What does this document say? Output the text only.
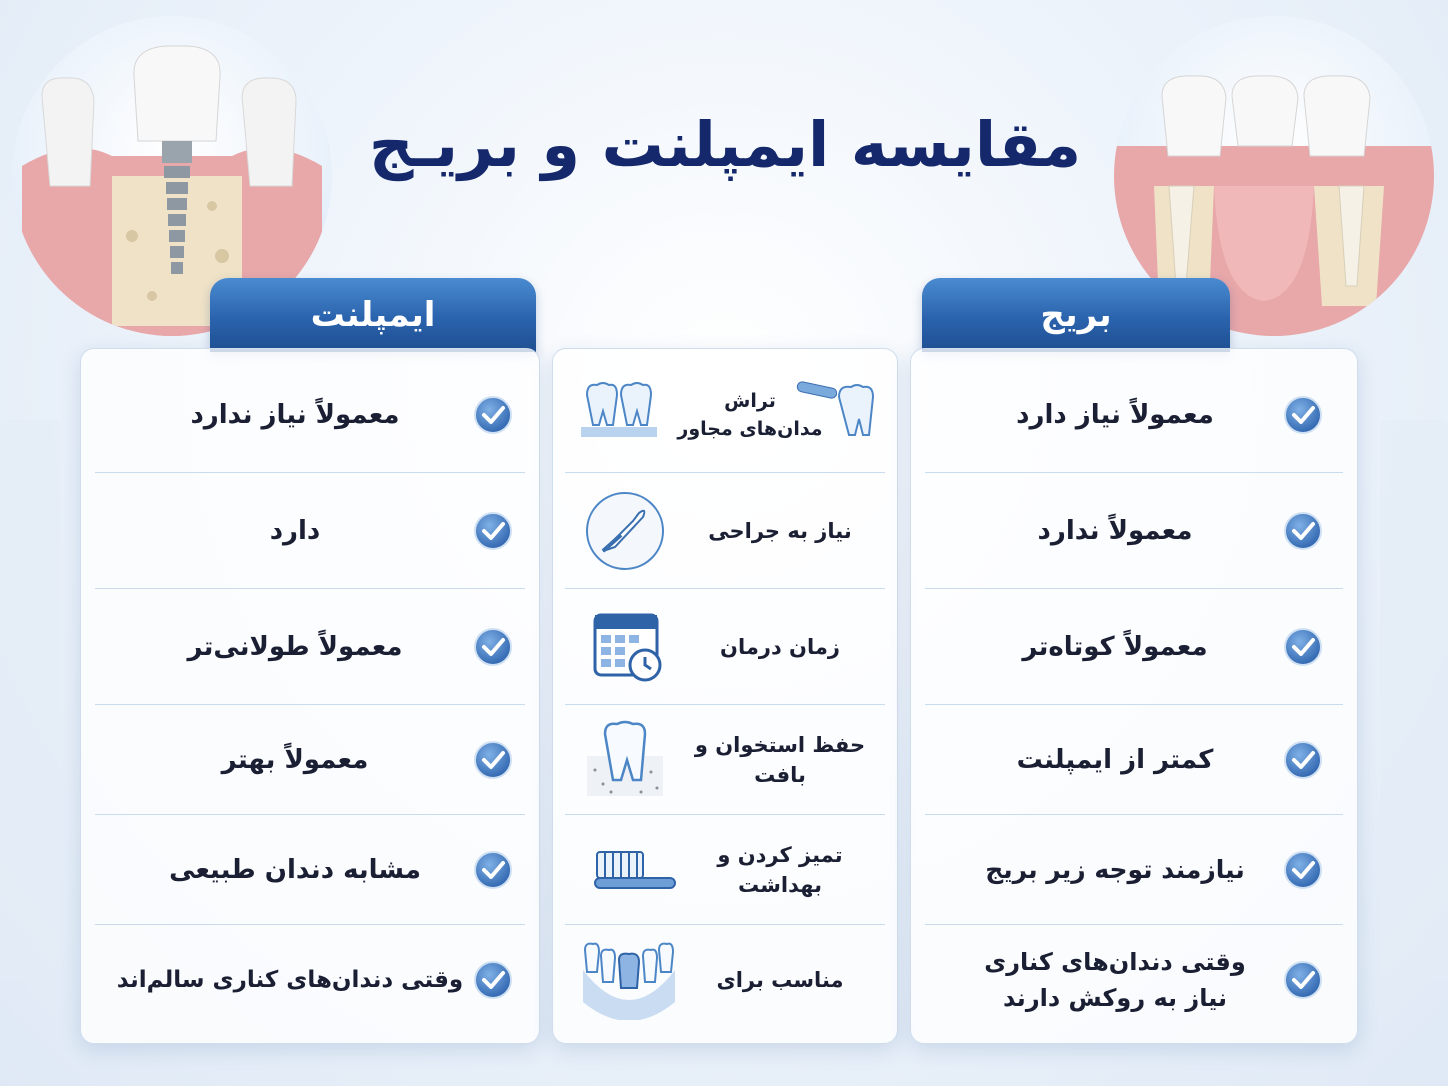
مقایسه ایمپلنت و بریـج
ایمپلنت	بریج
معمولاً نیاز ندارد
دارد
معمولاً طولانی‌تر
معمولاً بهتر
مشابه دندان طبیعی
وقتی دندان‌های کناری سالم‌اند
تراش
مدان‌های مجاور
نیاز به جراحی
زمان درمان
حفظ استخوان و بافت
تمیز کردن و بهداشت
مناسب برای
معمولاً نیاز دارد
معمولاً ندارد
معمولاً کوتاه‌تر
کمتر از ایمپلنت
نیازمند توجه زیر بریج
وقتی دندان‌های کناری
نیاز به روکش دارند
